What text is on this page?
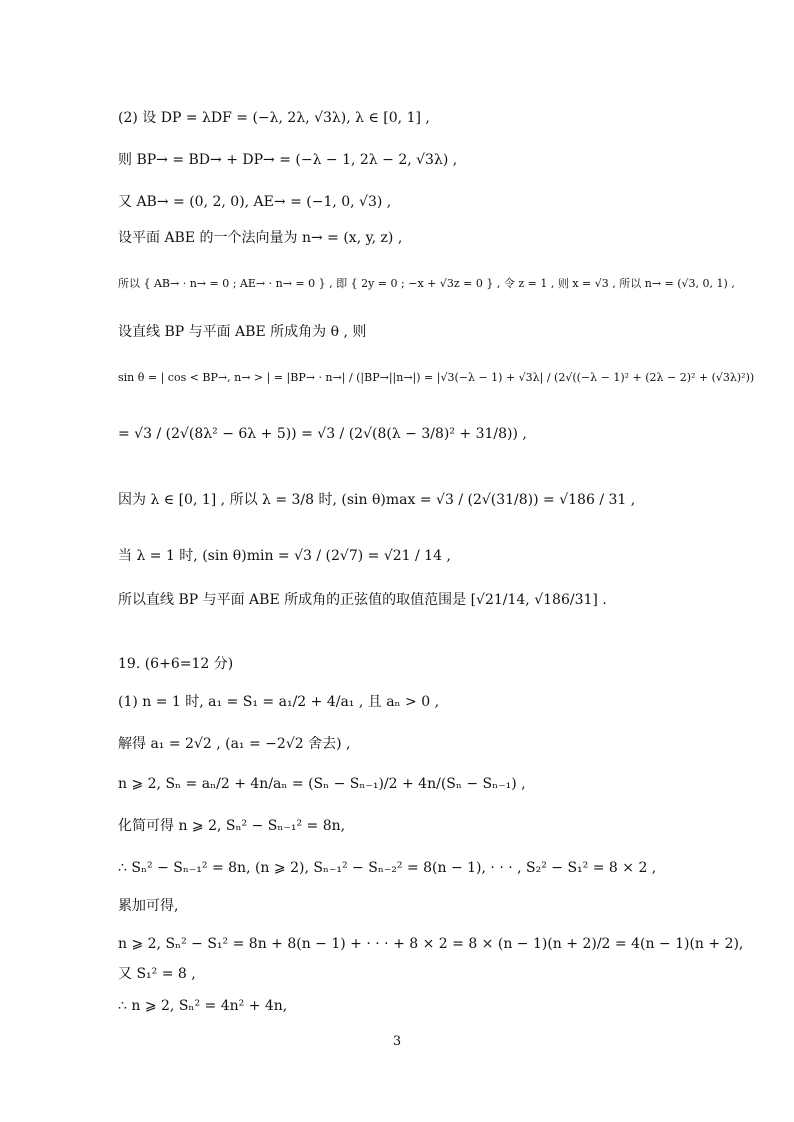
(2) 设 DP = λDF = (−λ, 2λ, √3λ), λ ∈ [0, 1] ,
则 BP→ = BD→ + DP→ = (−λ − 1, 2λ − 2, √3λ) ,
又 AB→ = (0, 2, 0), AE→ = (−1, 0, √3) ,
设平面 ABE 的一个法向量为 n→ = (x, y, z) ,
所以 { AB→ · n→ = 0 ; AE→ · n→ = 0 } , 即 { 2y = 0 ; −x + √3z = 0 } , 令 z = 1 , 则 x = √3 , 所以 n→ = (√3, 0, 1) ,
设直线 BP 与平面 ABE 所成角为 θ , 则
sin θ = | cos < BP→, n→ > | = |BP→ · n→| / (|BP→||n→|) = |√3(−λ − 1) + √3λ| / (2√((−λ − 1)² + (2λ − 2)² + (√3λ)²))
= √3 / (2√(8λ² − 6λ + 5)) = √3 / (2√(8(λ − 3/8)² + 31/8)) ,
因为 λ ∈ [0, 1] , 所以 λ = 3/8 时, (sin θ)max = √3 / (2√(31/8)) = √186 / 31 ,
当 λ = 1 时, (sin θ)min = √3 / (2√7) = √21 / 14 ,
所以直线 BP 与平面 ABE 所成角的正弦值的取值范围是 [√21/14, √186/31] .
19. (6+6=12 分)
(1) n = 1 时, a₁ = S₁ = a₁/2 + 4/a₁ , 且 aₙ > 0 ,
解得 a₁ = 2√2 , (a₁ = −2√2 舍去) ,
n ⩾ 2, Sₙ = aₙ/2 + 4n/aₙ = (Sₙ − Sₙ₋₁)/2 + 4n/(Sₙ − Sₙ₋₁) ,
化简可得 n ⩾ 2, Sₙ² − Sₙ₋₁² = 8n,
∴ Sₙ² − Sₙ₋₁² = 8n, (n ⩾ 2), Sₙ₋₁² − Sₙ₋₂² = 8(n − 1), · · · , S₂² − S₁² = 8 × 2 ,
累加可得,
n ⩾ 2, Sₙ² − S₁² = 8n + 8(n − 1) + · · · + 8 × 2 = 8 × (n − 1)(n + 2)/2 = 4(n − 1)(n + 2),
又 S₁² = 8 ,
∴ n ⩾ 2, Sₙ² = 4n² + 4n,
3
